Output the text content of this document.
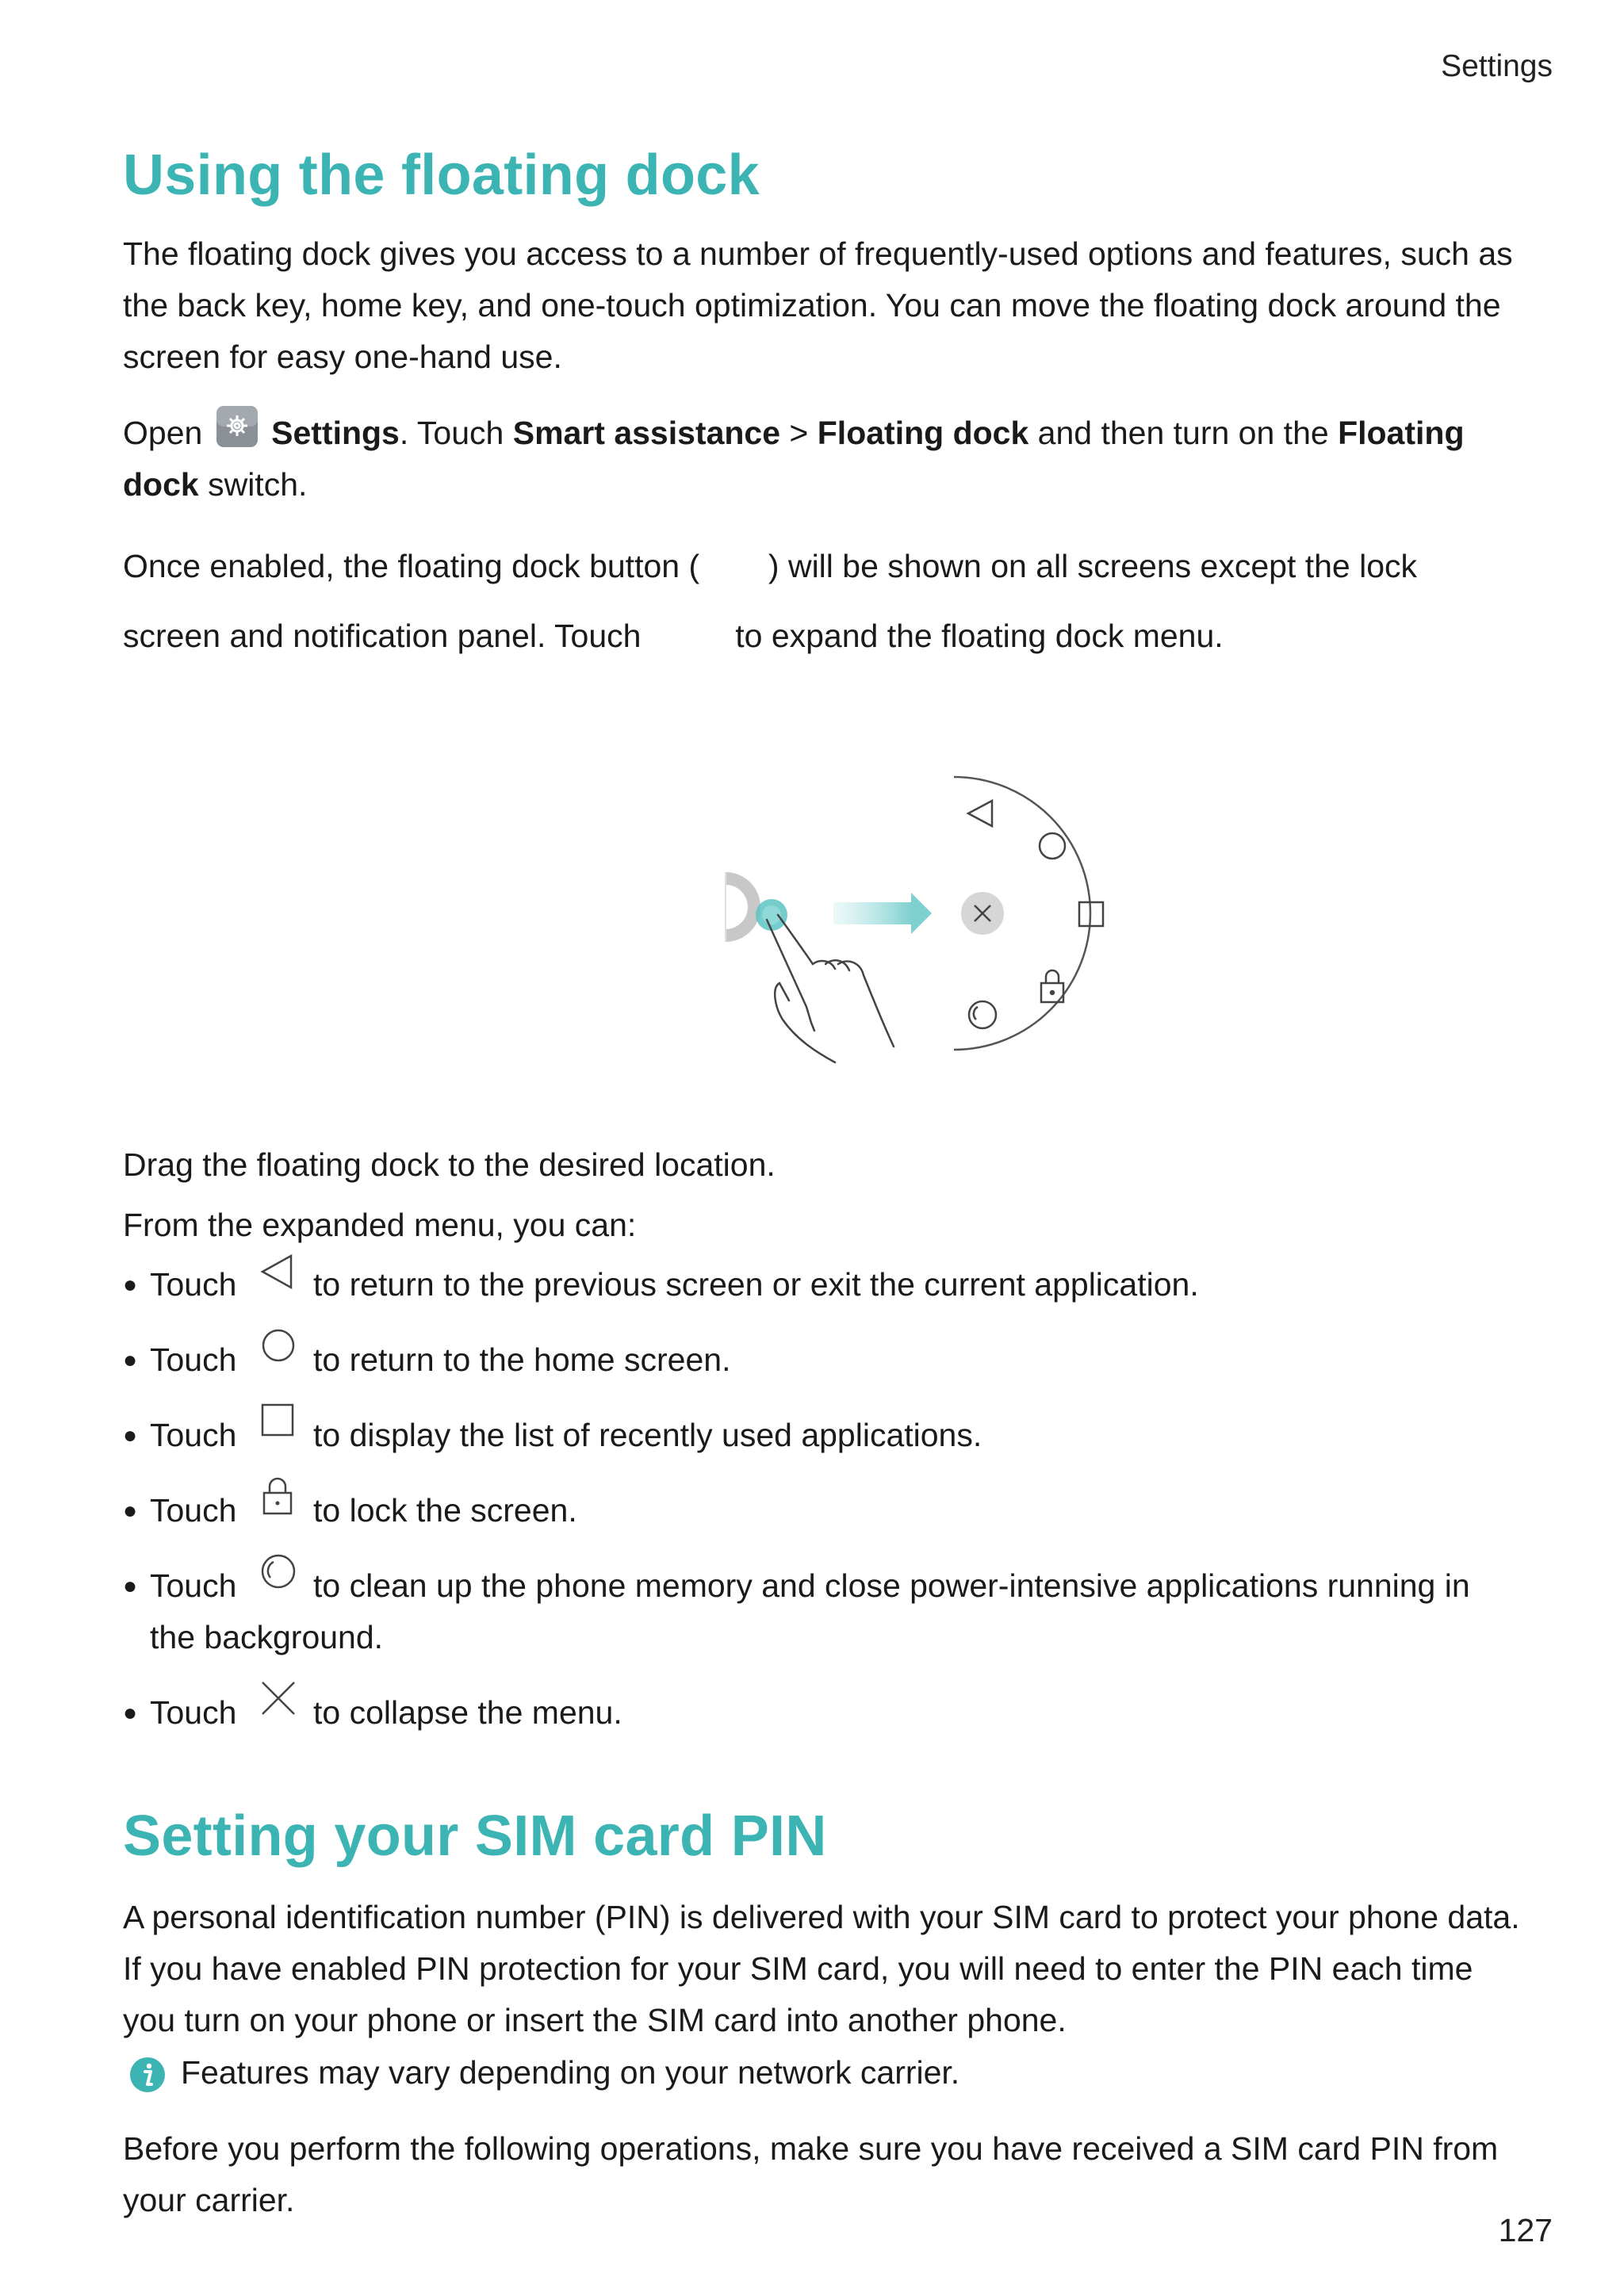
Settings
Using the floating dock

The floating dock gives you access to a number of frequently-used options and features, such as the back key, home key, and one-touch optimization. You can move the floating dock around the screen for easy one-hand use.

Open Settings. Touch Smart assistance > Floating dock and then turn on the Floating dock switch.

Once enabled, the floating dock button ( ) will be shown on all screens except the lock

screen and notification panel. Touch	to expand the floating dock menu.

Drag the floating dock to the desired location.

From the expanded menu, you can:

● Touch to return to the previous screen or exit the current application.
● Touch to return to the home screen.
● Touch to display the list of recently used applications.
● Touch to lock the screen.
● Touch to clean up the phone memory and close power-intensive applications running in
the background.
● Touch to collapse the menu.
Setting your SIM card PIN

A personal identification number (PIN) is delivered with your SIM card to protect your phone data. If you have enabled PIN protection for your SIM card, you will need to enter the PIN each time you turn on your phone or insert the SIM card into another phone.

Features may vary depending on your network carrier.

Before you perform the following operations, make sure you have received a SIM card PIN from your carrier.

127
